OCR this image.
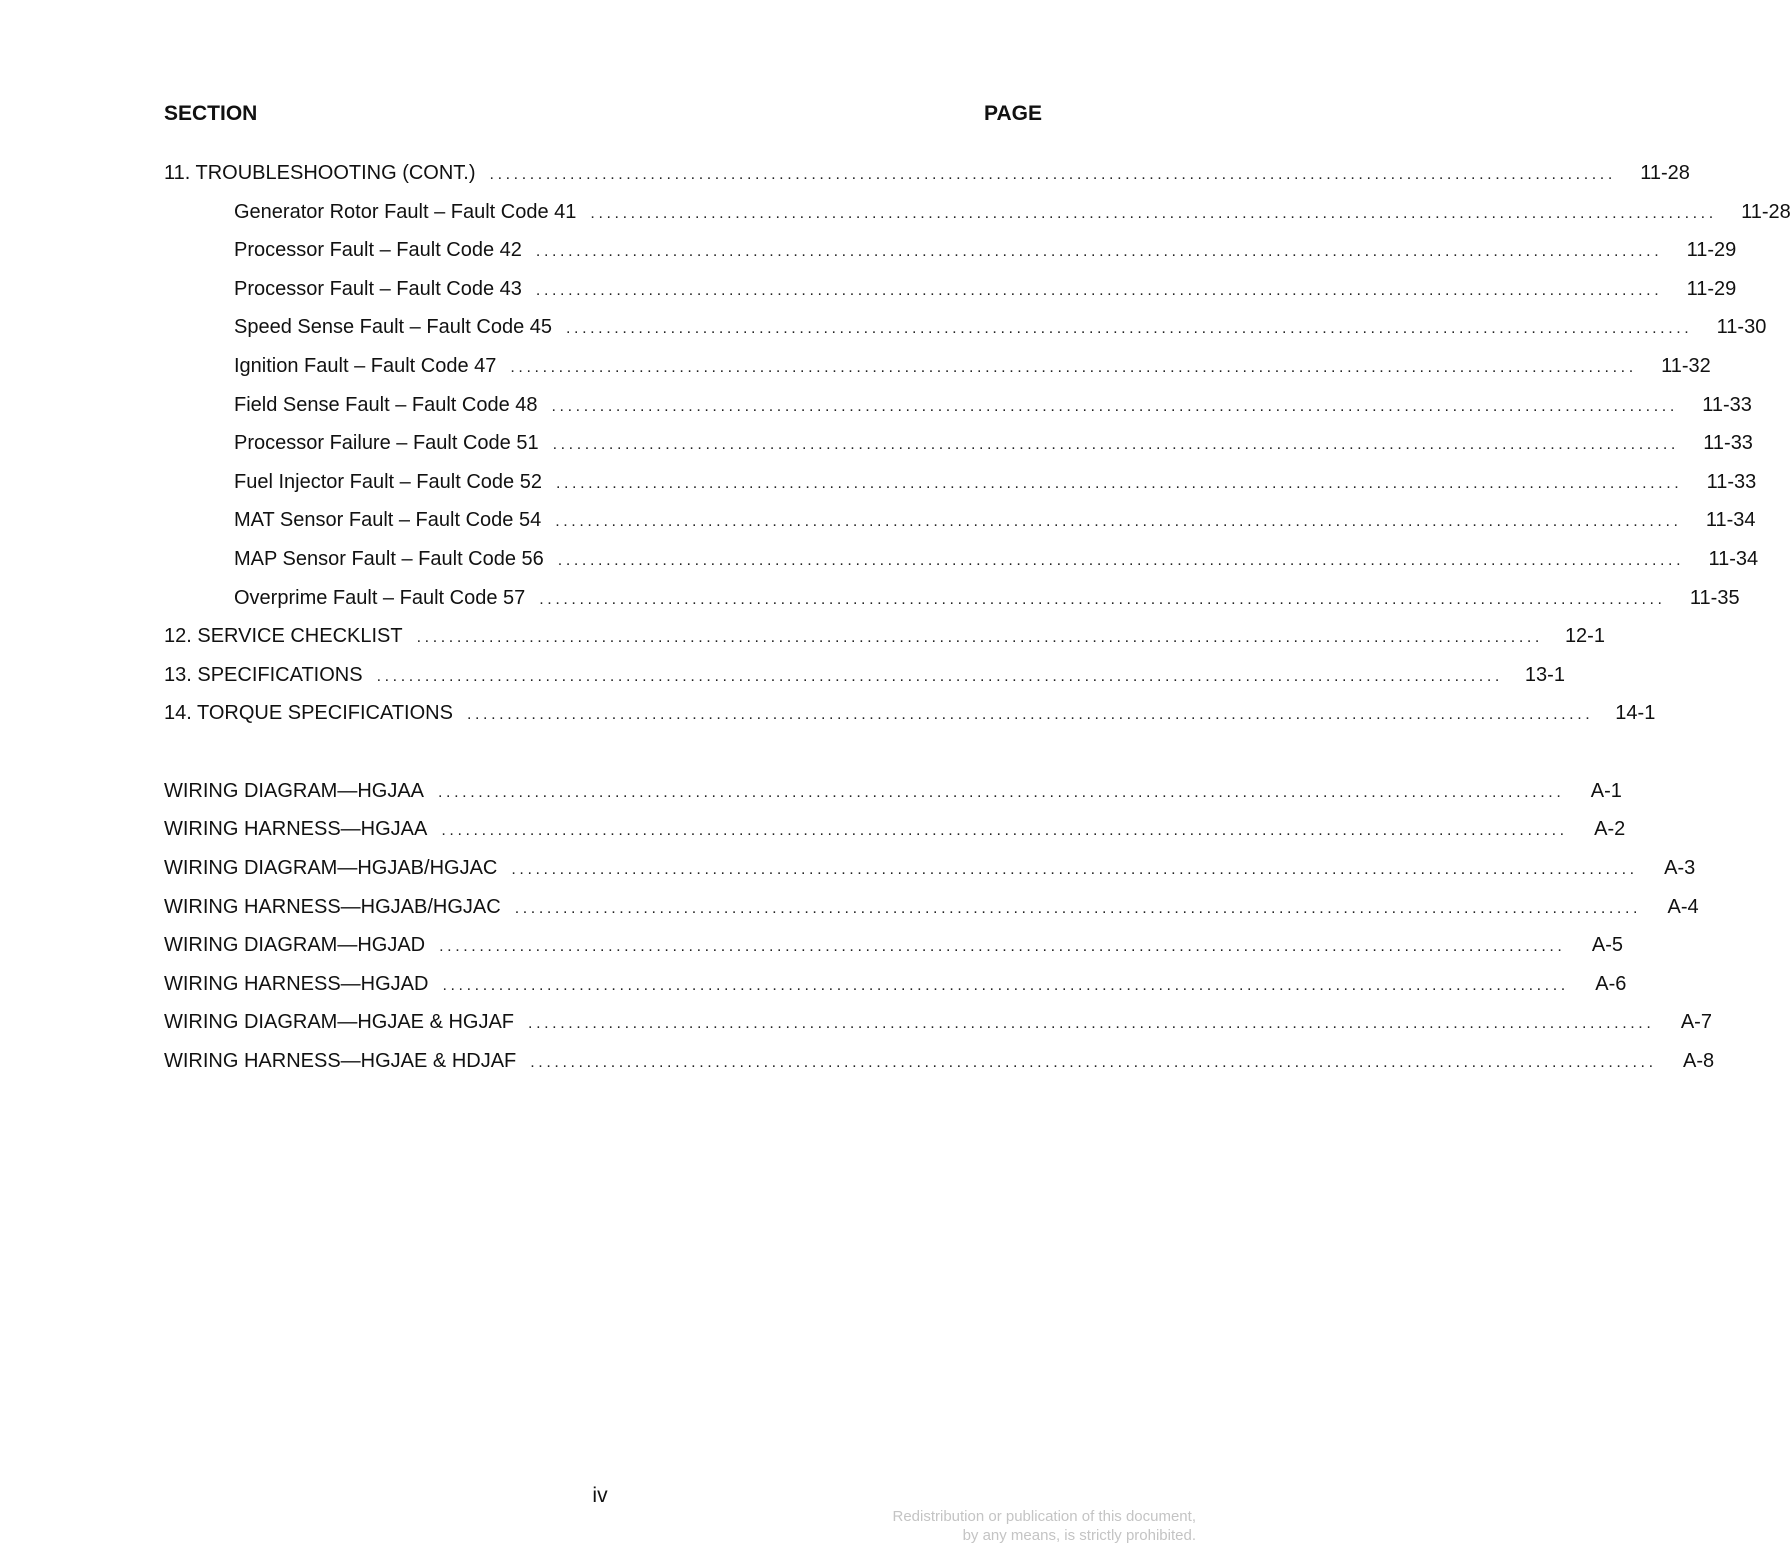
SECTION	PAGE
11. TROUBLESHOOTING (CONT.) ............................................................................................................................................	11-28
Generator Rotor Fault – Fault Code 41 ............................................................................................................................................	11-28
Processor Fault – Fault Code 42 ............................................................................................................................................	11-29
Processor Fault – Fault Code 43 ............................................................................................................................................	11-29
Speed Sense Fault – Fault Code 45 ............................................................................................................................................	11-30
Ignition Fault – Fault Code 47 ............................................................................................................................................	11-32
Field Sense Fault – Fault Code 48 ............................................................................................................................................	11-33
Processor Failure – Fault Code 51 ............................................................................................................................................	11-33
Fuel Injector Fault – Fault Code 52 ............................................................................................................................................	11-33
MAT Sensor Fault – Fault Code 54 ............................................................................................................................................	11-34
MAP Sensor Fault – Fault Code 56 ............................................................................................................................................	11-34
Overprime Fault – Fault Code 57 ............................................................................................................................................	11-35
12. SERVICE CHECKLIST ............................................................................................................................................	12-1
13. SPECIFICATIONS ............................................................................................................................................	13-1
14. TORQUE SPECIFICATIONS ............................................................................................................................................	14-1
WIRING DIAGRAM—HGJAA ............................................................................................................................................	A-1
WIRING HARNESS—HGJAA ............................................................................................................................................	A-2
WIRING DIAGRAM—HGJAB/HGJAC ............................................................................................................................................	A-3
WIRING HARNESS—HGJAB/HGJAC ............................................................................................................................................	A-4
WIRING DIAGRAM—HGJAD ............................................................................................................................................	A-5
WIRING HARNESS—HGJAD ............................................................................................................................................	A-6
WIRING DIAGRAM—HGJAE & HGJAF ............................................................................................................................................	A-7
WIRING HARNESS—HGJAE & HDJAF ............................................................................................................................................	A-8
iv
Redistribution or publication of this document,
by any means, is strictly prohibited.
